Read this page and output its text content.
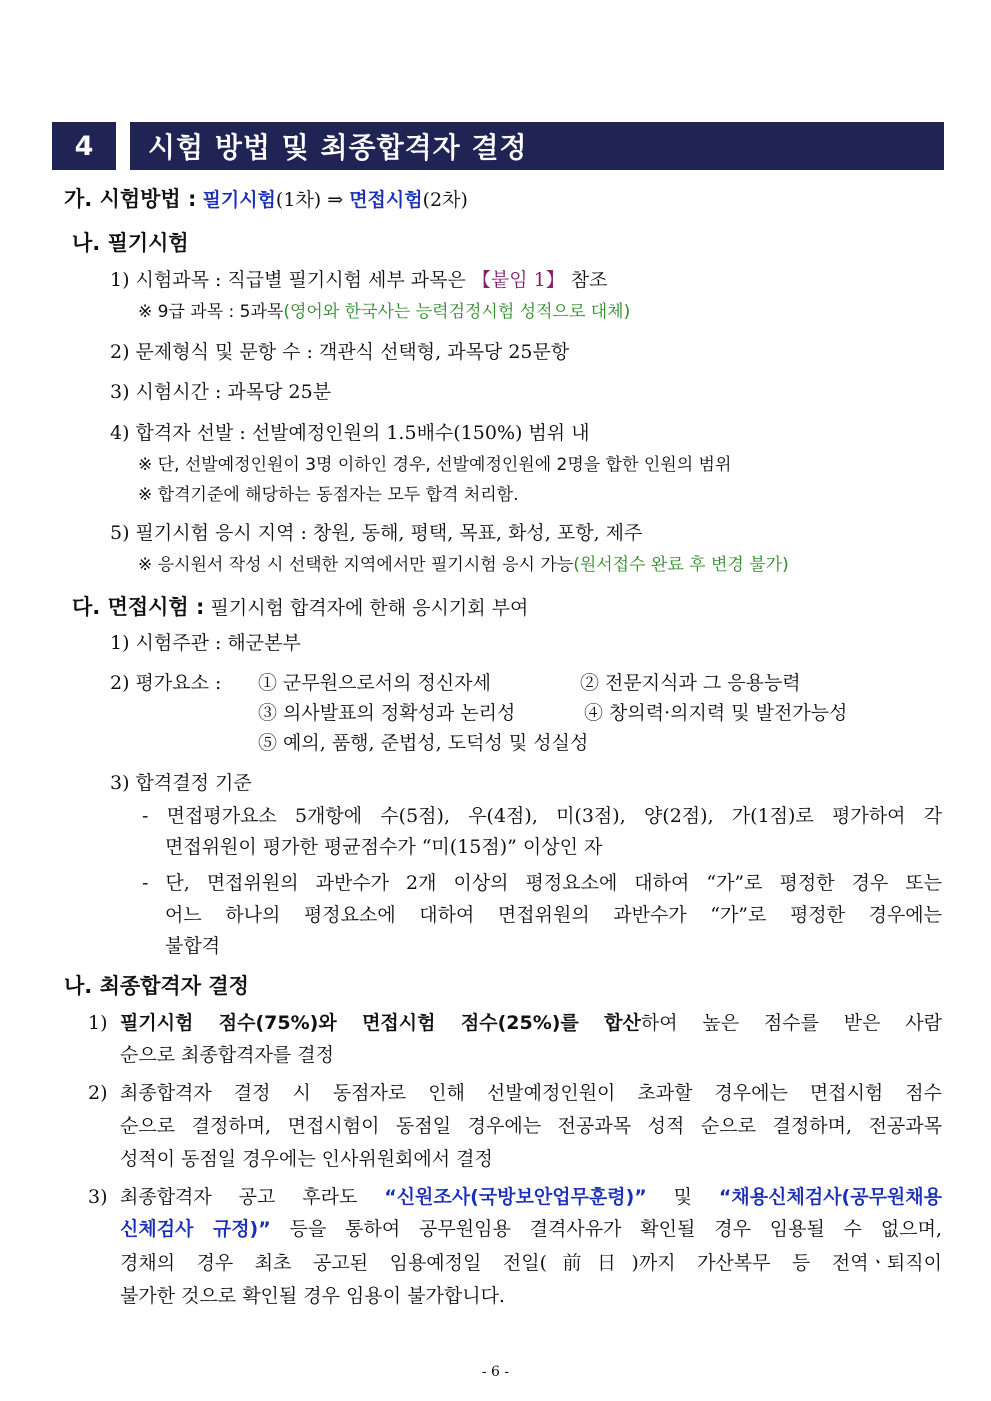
4	시험 방법 및 최종합격자 결정
가. 시험방법 : 필기시험(1차) ⇒ 면접시험(2차)
나. 필기시험
1) 시험과목 : 직급별 필기시험 세부 과목은 【붙임 1】 참조
※ 9급 과목 : 5과목(영어와 한국사는 능력검정시험 성적으로 대체)
2) 문제형식 및 문항 수 : 객관식 선택형, 과목당 25문항
3) 시험시간 : 과목당 25분
4) 합격자 선발 : 선발예정인원의 1.5배수(150%) 범위 내
※ 단, 선발예정인원이 3명 이하인 경우, 선발예정인원에 2명을 합한 인원의 범위
※ 합격기준에 해당하는 동점자는 모두 합격 처리함.
5) 필기시험 응시 지역 : 창원, 동해, 평택, 목표, 화성, 포항, 제주
※ 응시원서 작성 시 선택한 지역에서만 필기시험 응시 가능(원서접수 완료 후 변경 불가)
다. 면접시험 : 필기시험 합격자에 한해 응시기회 부여
1) 시험주관 : 해군본부
2) 평가요소 : ① 군무원으로서의 정신자세	② 전문지식과 그 응용능력
③ 의사발표의 정확성과 논리성	④ 창의력·의지력 및 발전가능성
⑤ 예의, 품행, 준법성, 도덕성 및 성실성
3) 합격결정 기준
- 면접평가요소 5개항에 수(5점), 우(4점), 미(3점), 양(2점), 가(1점)로 평가하여 각
면접위원이 평가한 평균점수가 “미(15점)” 이상인 자
- 단, 면접위원의 과반수가 2개 이상의 평정요소에 대하여 “가”로 평정한 경우 또는
어느 하나의 평정요소에 대하여 면접위원의 과반수가 “가”로 평정한 경우에는
불합격
나. 최종합격자 결정
1) 필기시험 점수(75%)와 면접시험 점수(25%)를 합산하여 높은 점수를 받은 사람
순으로 최종합격자를 결정
2) 최종합격자 결정 시 동점자로 인해 선발예정인원이 초과할 경우에는 면접시험 점수
순으로 결정하며, 면접시험이 동점일 경우에는 전공과목 성적 순으로 결정하며, 전공과목
성적이 동점일 경우에는 인사위원회에서 결정
3) 최종합격자 공고 후라도 “신원조사(국방보안업무훈령)” 및 “채용신체검사(공무원채용
신체검사 규정)” 등을 통하여 공무원임용 결격사유가 확인될 경우 임용될 수 없으며,
경채의 경우 최초 공고된 임용예정일 전일(前日)까지 가산복무 등 전역ㆍ퇴직이
불가한 것으로 확인될 경우 임용이 불가합니다.
- 6 -
